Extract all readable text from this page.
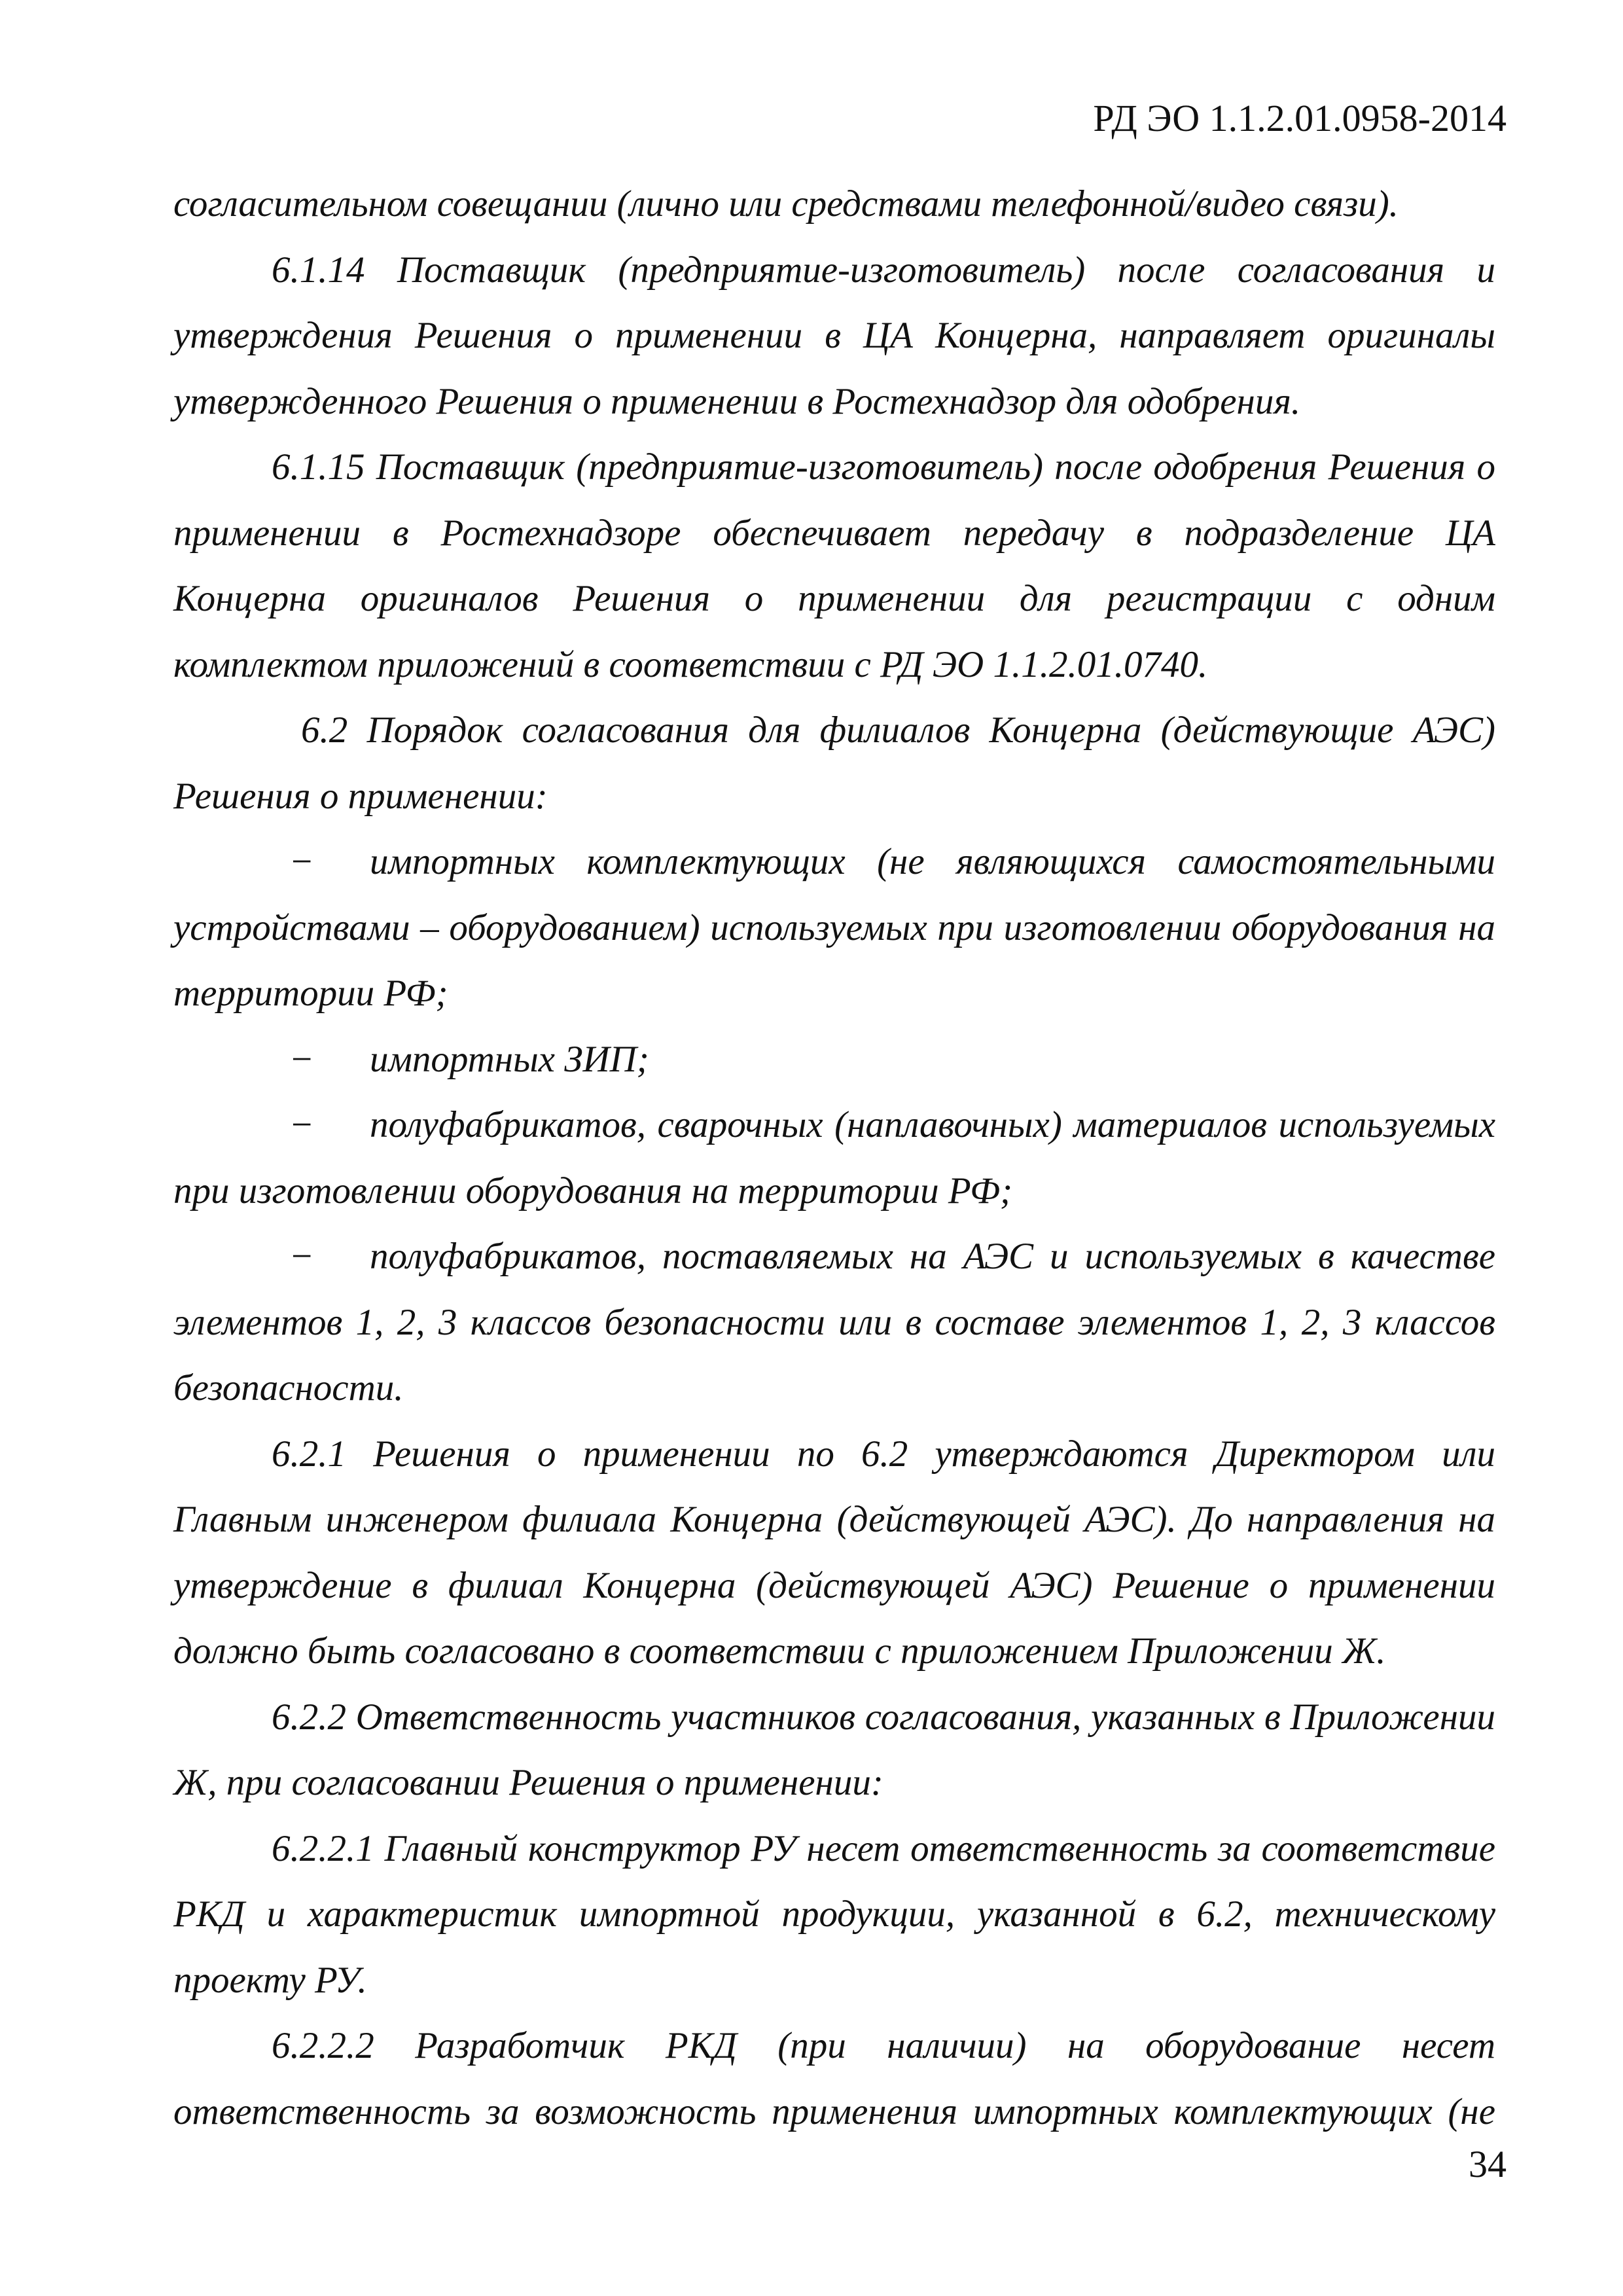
РД ЭО 1.1.2.01.0958-2014

согласительном совещании (лично или средствами телефонной/видео связи).

6.1.14 Поставщик (предприятие-изготовитель) после согласования и утверждения Решения о применении в ЦА Концерна, направляет оригиналы утвержденного Решения о применении в Ростехнадзор для одобрения.

6.1.15 Поставщик (предприятие-изготовитель) после одобрения Решения о применении в Ростехнадзоре обеспечивает передачу в подразделение ЦА Концерна оригиналов Решения о применении для регистрации с одним комплектом приложений в соответствии с РД ЭО 1.1.2.01.0740.

6.2 Порядок согласования для филиалов Концерна (действующие АЭС) Решения о применении:

− импортных комплектующих (не являющихся самостоятельными устройствами – оборудованием) используемых при изготовлении оборудования на территории РФ;

− импортных ЗИП;

− полуфабрикатов, сварочных (наплавочных) материалов используемых при изготовлении оборудования на территории РФ;

− полуфабрикатов, поставляемых на АЭС и используемых в качестве элементов 1, 2, 3 классов безопасности или в составе элементов 1, 2, 3 классов безопасности.

6.2.1 Решения о применении по 6.2 утверждаются Директором или Главным инженером филиала Концерна (действующей АЭС). До направления на утверждение в филиал Концерна (действующей АЭС) Решение о применении должно быть согласовано в соответствии с приложением Приложении Ж.

6.2.2 Ответственность участников согласования, указанных в Приложении Ж, при согласовании Решения о применении:

6.2.2.1 Главный конструктор РУ несет ответственность за соответствие РКД и характеристик импортной продукции, указанной в 6.2, техническому проекту РУ.

6.2.2.2 Разработчик РКД (при наличии) на оборудование несет ответственность за возможность применения импортных комплектующих (не

34
